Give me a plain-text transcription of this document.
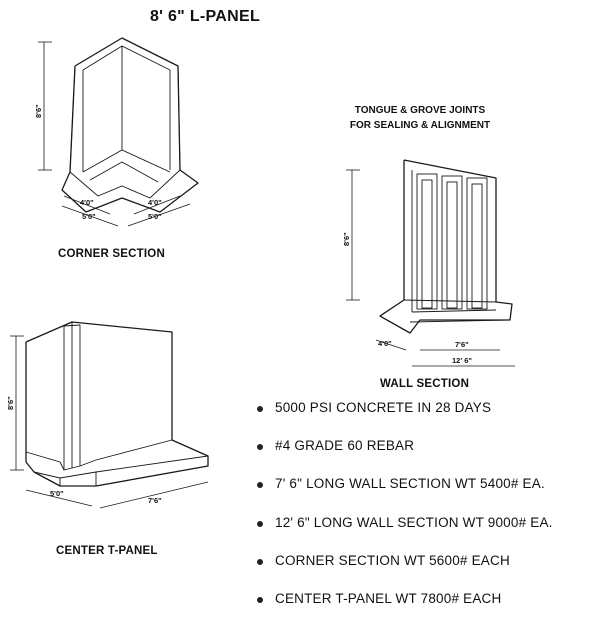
8' 6" L-PANEL
8'6"
4'0"
5'0"
4'0"
5'0"
CORNER SECTION
TONGUE & GROVE JOINTS
FOR SEALING & ALIGNMENT
8'6"
4'0"	7'6"
12' 6"
WALL SECTION
8'6"
5'0"
7'6"
CENTER T-PANEL
5000 PSI CONCRETE IN 28 DAYS
#4 GRADE 60 REBAR
7' 6" LONG WALL SECTION WT 5400# EA.
12' 6" LONG WALL SECTION WT 9000# EA.
CORNER SECTION WT 5600# EACH
CENTER T-PANEL WT 7800# EACH
